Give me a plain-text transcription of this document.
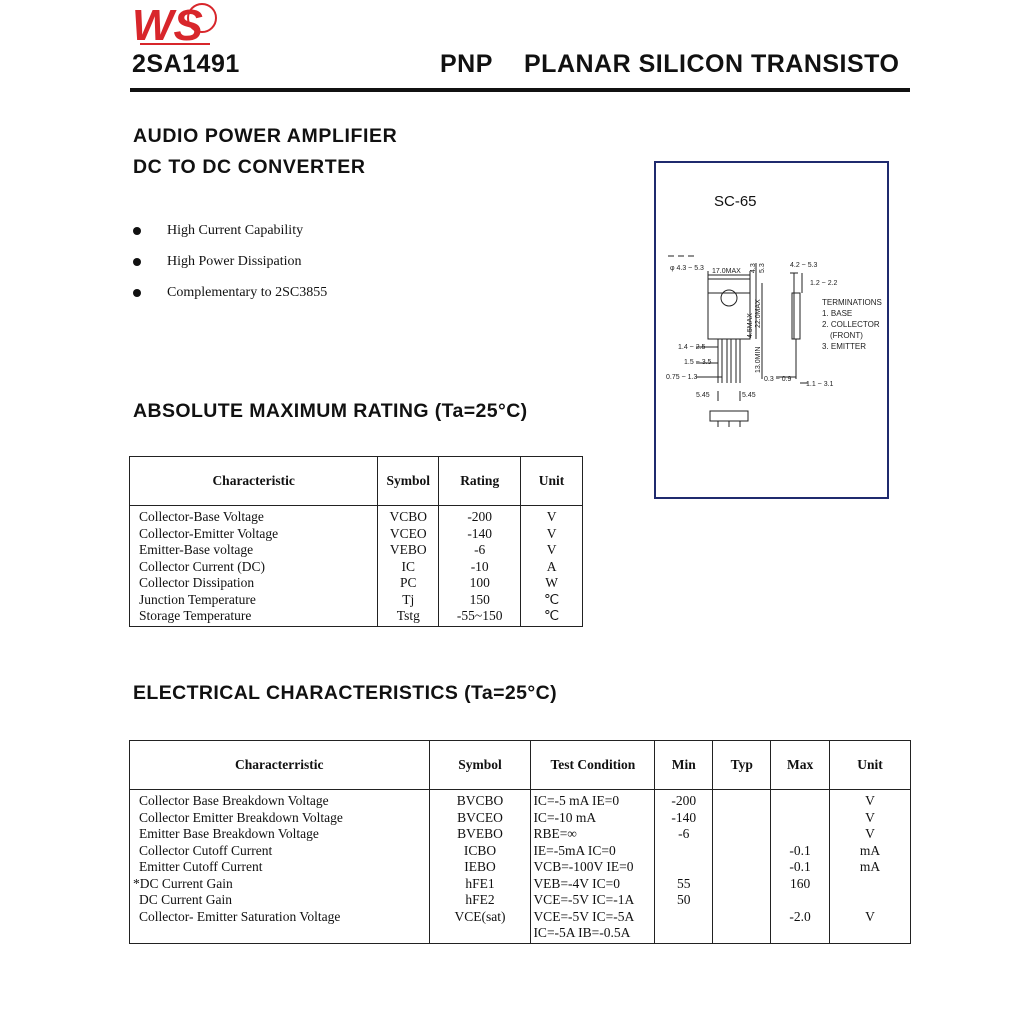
WS
2SA1491	PNP PLANAR SILICON TRANSISTO
AUDIO POWER AMPLIFIER
DC TO DC CONVERTER
High Current Capability
High Power Dissipation
Complementary to 2SC3855
SC-65
φ 4.3 ~ 5.3 17.0MAX 4.3 5.3	4.2 ~ 5.3
1.2 ~ 2.2
4.5MAX 22.0MAX
13.0MIN
1.4 ~ 2.5
1.5 ~ 3.5
0.75 ~ 1.3	0.3 ~ 0.9
1.1 ~ 3.1
5.45	5.45
TERMINATIONS
1. BASE
2. COLLECTOR
(FRONT)
3. EMITTER
ABSOLUTE MAXIMUM RATING (Ta=25°C)
Characteristic	Symbol	Rating	Unit
Collector-Base Voltage	VCBO	-200	V
Collector-Emitter Voltage	VCEO	-140	V
Emitter-Base voltage	VEBO	-6	V
Collector Current (DC)	IC	-10	A
Collector Dissipation	PC	100	W
Junction Temperature	Tj	150	℃
Storage Temperature	Tstg	-55~150	℃
ELECTRICAL CHARACTERISTICS (Ta=25°C)
Characterristic	Symbol	Test Condition	Min	Typ	Max	Unit
Collector Base Breakdown Voltage	BVCBO	IC=-5 mA IE=0	-200			V
Collector Emitter Breakdown Voltage	BVCEO	IC=-10 mA	-140			V
Emitter Base Breakdown Voltage	BVEBO	RBE=∞	-6			V
Collector Cutoff Current	ICBO	IE=-5mA IC=0			-0.1	mA
Emitter Cutoff Current	IEBO	VCB=-100V IE=0			-0.1	mA
*DC Current Gain	hFE1	VEB=-4V IC=0	55		160	
DC Current Gain	hFE2	VCE=-5V IC=-1A	50			
Collector- Emitter Saturation Voltage	VCE(sat)	VCE=-5V IC=-5A			-2.0	V
		IC=-5A IB=-0.5A				
